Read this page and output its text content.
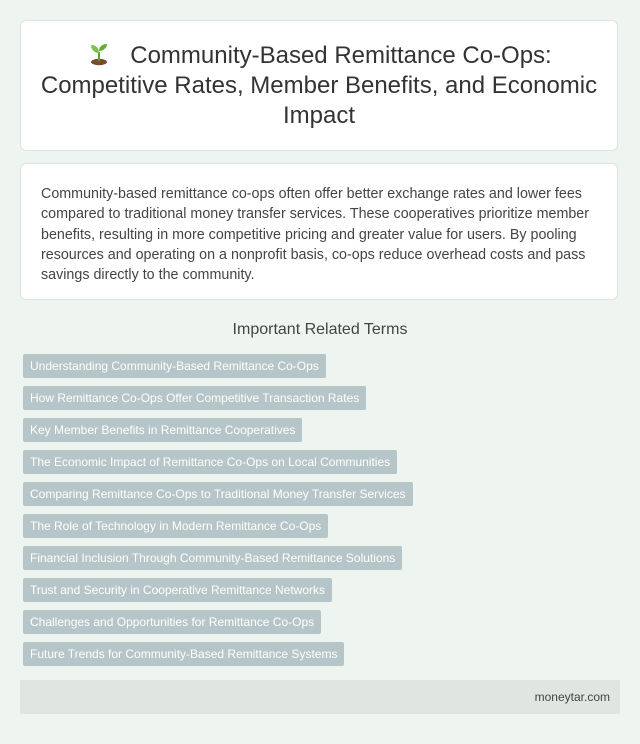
Community-Based Remittance Co-Ops: Competitive Rates, Member Benefits, and Economic Impact

Community-based remittance co-ops often offer better exchange rates and lower fees compared to traditional money transfer services. These cooperatives prioritize member benefits, resulting in more competitive pricing and greater value for users. By pooling resources and operating on a nonprofit basis, co-ops reduce overhead costs and pass savings directly to the community.

Important Related Terms
Understanding Community-Based Remittance Co-Ops
How Remittance Co-Ops Offer Competitive Transaction Rates
Key Member Benefits in Remittance Cooperatives
The Economic Impact of Remittance Co-Ops on Local Communities
Comparing Remittance Co-Ops to Traditional Money Transfer Services
The Role of Technology in Modern Remittance Co-Ops
Financial Inclusion Through Community-Based Remittance Solutions
Trust and Security in Cooperative Remittance Networks
Challenges and Opportunities for Remittance Co-Ops
Future Trends for Community-Based Remittance Systems
moneytar.com
